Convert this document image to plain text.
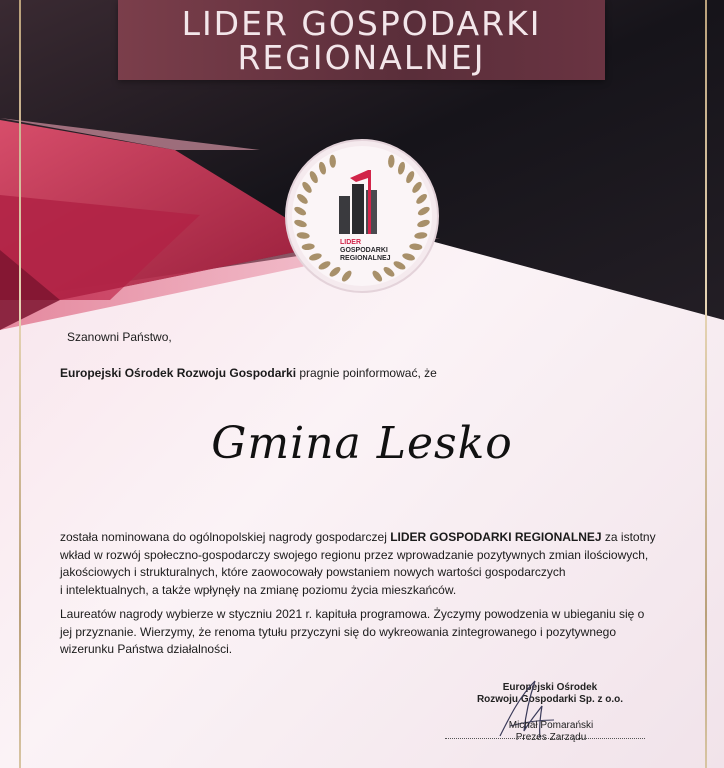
LIDER GOSPODARKI
REGIONALNEJ
LIDER
GOSPODARKI
REGIONALNEJ
Szanowni Państwo,
Europejski Ośrodek Rozwoju Gospodarki pragnie poinformować, że
Gmina Lesko
została nominowana do ogólnopolskiej nagrody gospodarczej LIDER GOSPODARKI REGIONALNEJ za istotny
wkład w rozwój społeczno-gospodarczy swojego regionu przez wprowadzanie pozytywnych zmian ilościowych,
jakościowych i strukturalnych, które zaowocowały powstaniem nowych wartości gospodarczych
i intelektualnych, a także wpłynęły na zmianę poziomu życia mieszkańców.
Laureatów nagrody wybierze w styczniu 2021 r. kapituła programowa. Życzymy powodzenia w ubieganiu się o
jej przyznanie. Wierzymy, że renoma tytułu przyczyni się do wykreowania zintegrowanego i pozytywnego
wizerunku Państwa działalności.
Europejski Ośrodek
Rozwoju Gospodarki Sp. z o.o.
Michał Pomarański
Prezes Zarządu
